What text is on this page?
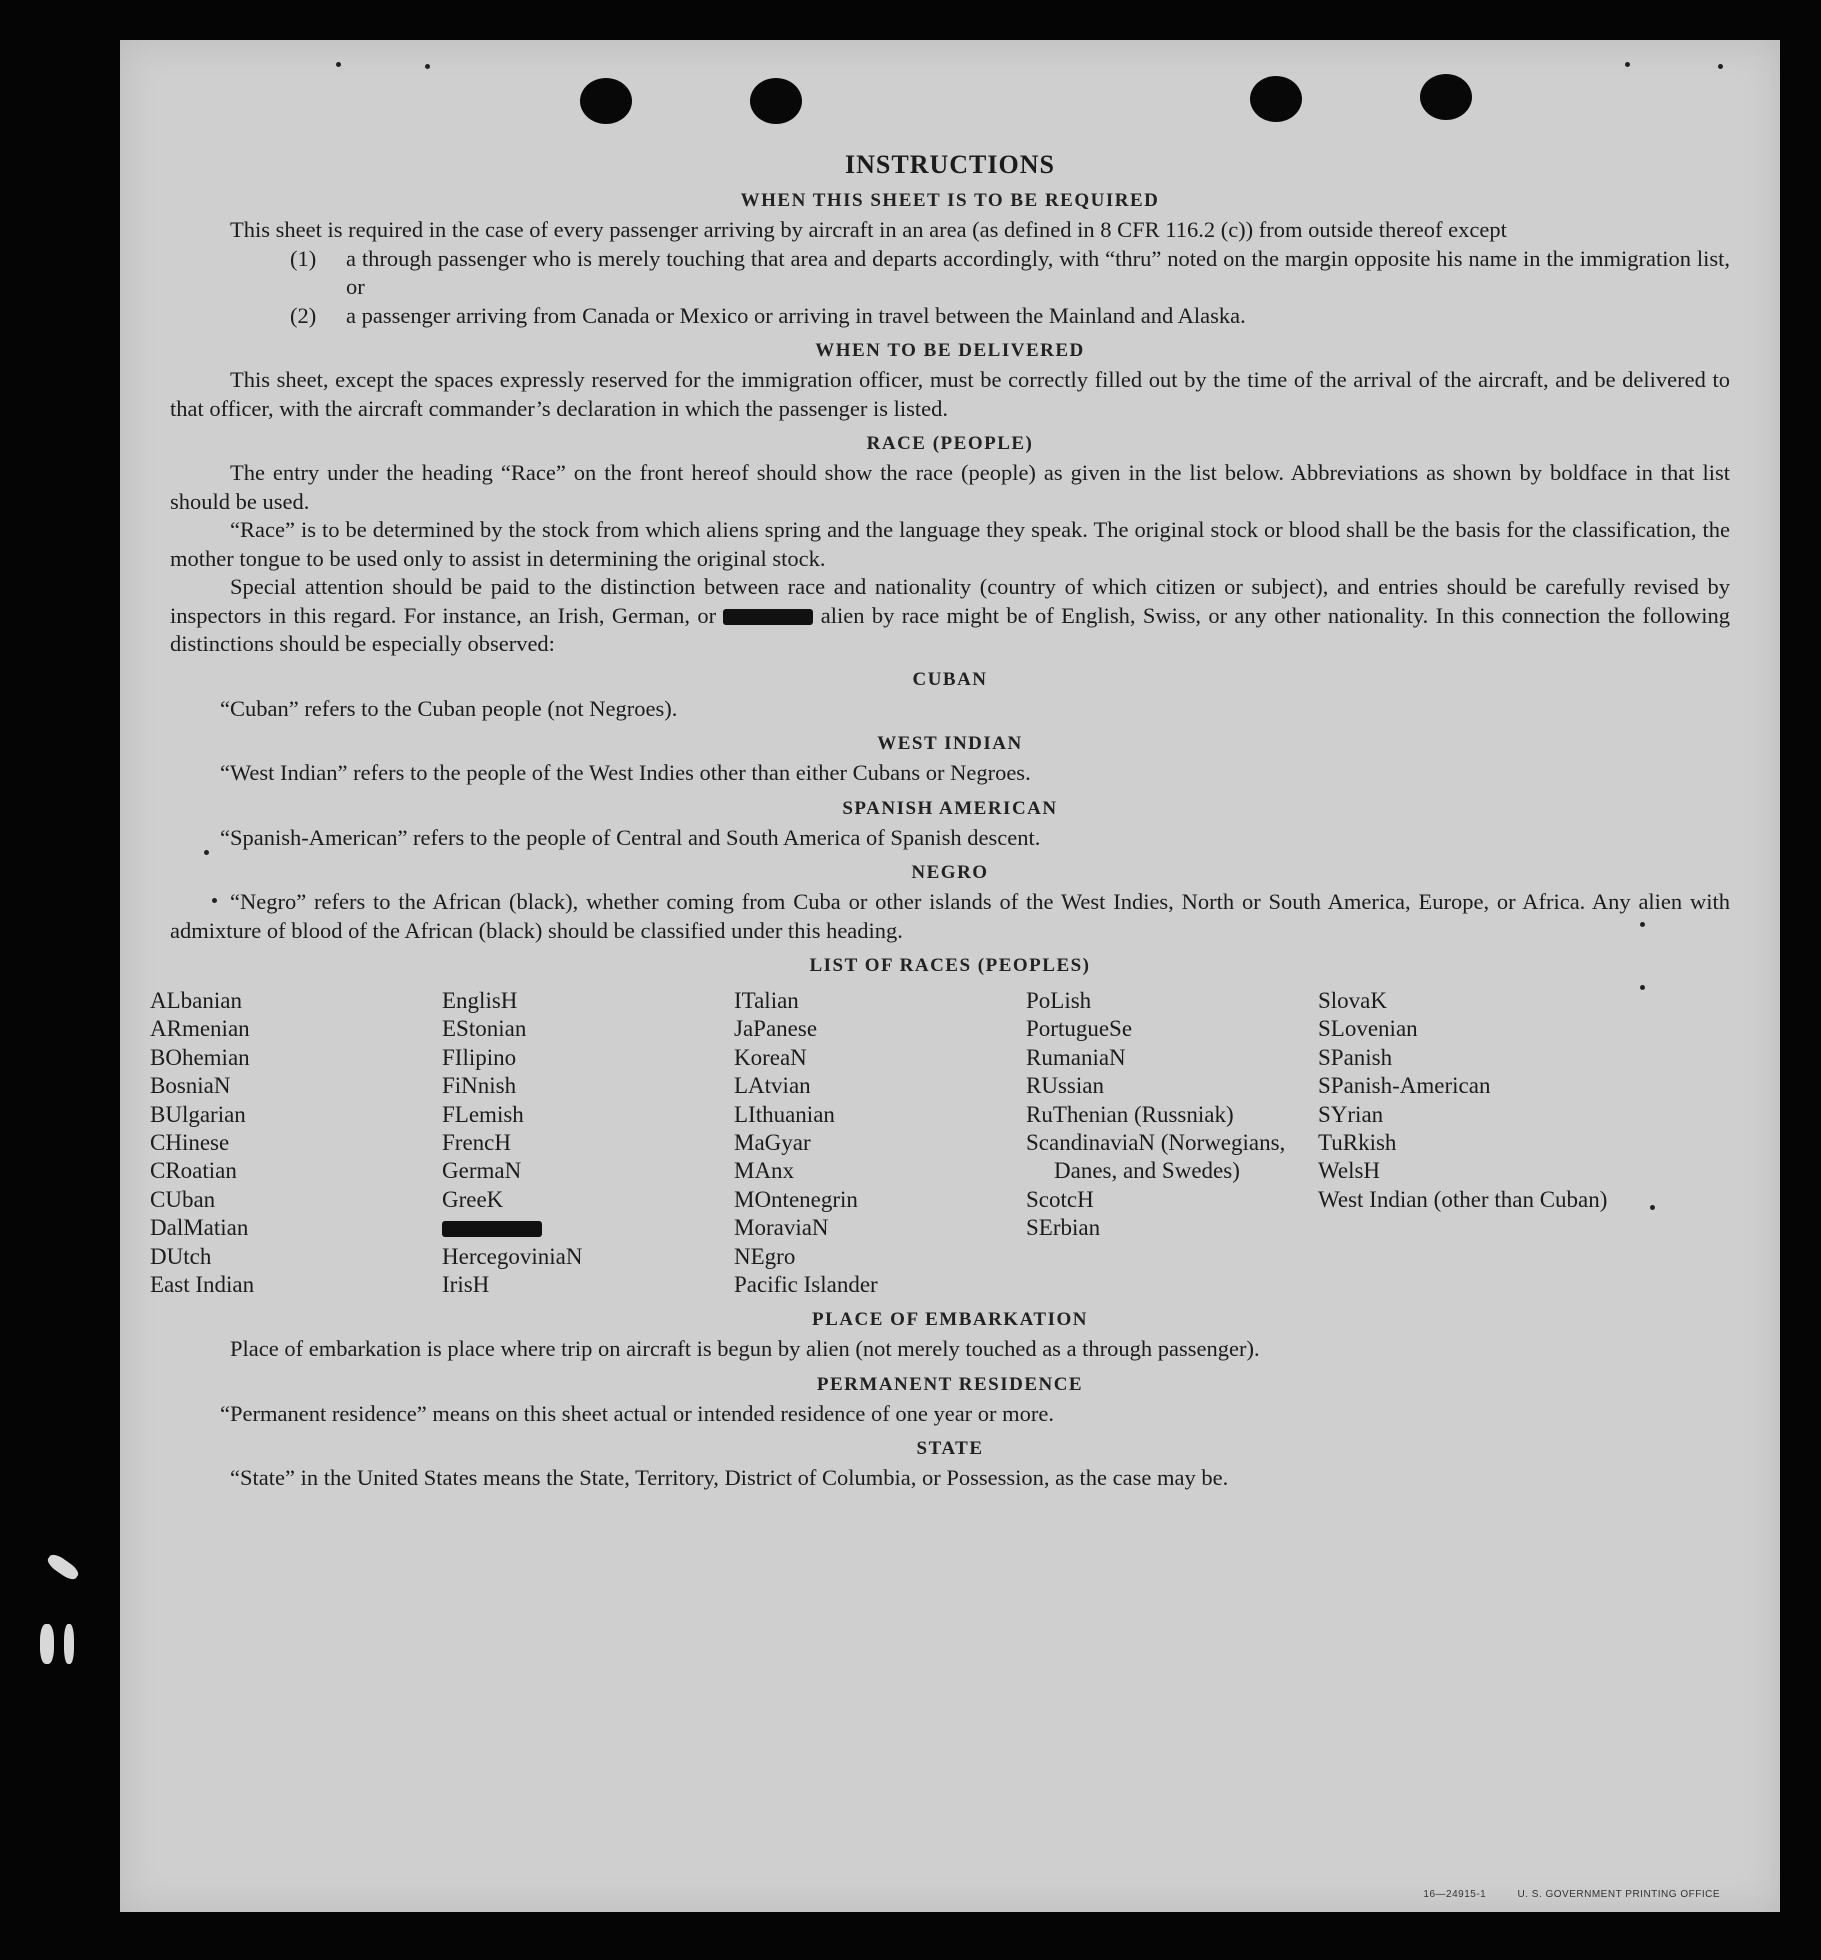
INSTRUCTIONS
WHEN THIS SHEET IS TO BE REQUIRED

This sheet is required in the case of every passenger arriving by aircraft in an area (as defined in 8 CFR 116.2 (c)) from outside thereof except

(1)	a through passenger who is merely touching that area and departs accordingly, with “thru” noted on the margin opposite his name in the immigration list, or
(2)	a passenger arriving from Canada or Mexico or arriving in travel between the Mainland and Alaska.
WHEN TO BE DELIVERED

This sheet, except the spaces expressly reserved for the immigration officer, must be correctly filled out by the time of the arrival of the aircraft, and be delivered to that officer, with the aircraft commander’s declaration in which the passenger is listed.

RACE (PEOPLE)

The entry under the heading “Race” on the front hereof should show the race (people) as given in the list below. Abbreviations as shown by boldface in that list should be used.

“Race” is to be determined by the stock from which aliens spring and the language they speak. The original stock or blood shall be the basis for the classification, the mother tongue to be used only to assist in determining the original stock.

Special attention should be paid to the distinction between race and nationality (country of which citizen or subject), and entries should be carefully revised by inspectors in this regard. For instance, an Irish, German, or	alien by race might be of English, Swiss, or any other nationality. In this connection the following distinctions should be especially observed:

CUBAN
“Cuban” refers to the Cuban people (not Negroes).
WEST INDIAN
“West Indian” refers to the people of the West Indies other than either Cubans or Negroes.
SPANISH AMERICAN
“Spanish-American” refers to the people of Central and South America of Spanish descent.
NEGRO

“Negro” refers to the African (black), whether coming from Cuba or other islands of the West Indies, North or South America, Europe, or Africa. Any alien with admixture of blood of the African (black) should be classified under this heading.

LIST OF RACES (PEOPLES)
ALbanian
ARmenian
BOhemian
BosniaN
BUlgarian
CHinese
CRoatian
CUban
DalMatian
DUtch
East Indian
EnglisH
EStonian
FIlipino
FiNnish
FLemish
FrencH
GermaN
GreeK
HercegoviniaN
IrisH
ITalian
JaPanese
KoreaN
LAtvian
LIthuanian
MaGyar
MAnx
MOntenegrin
MoraviaN
NEgro
Pacific Islander
PoLish
PortugueSe
RumaniaN
RUssian
RuThenian (Russniak)
ScandinaviaN (Norwegians, Danes, and Swedes)
ScotcH
SErbian
SlovaK
SLovenian
SPanish
SPanish-American
SYrian
TuRkish
WelsH
West Indian (other than Cuban)
PLACE OF EMBARKATION

Place of embarkation is place where trip on aircraft is begun by alien (not merely touched as a through passenger).

PERMANENT RESIDENCE
“Permanent residence” means on this sheet actual or intended residence of one year or more.
STATE

“State” in the United States means the State, Territory, District of Columbia, or Possession, as the case may be.

16—24915-1	U. S. GOVERNMENT PRINTING OFFICE
